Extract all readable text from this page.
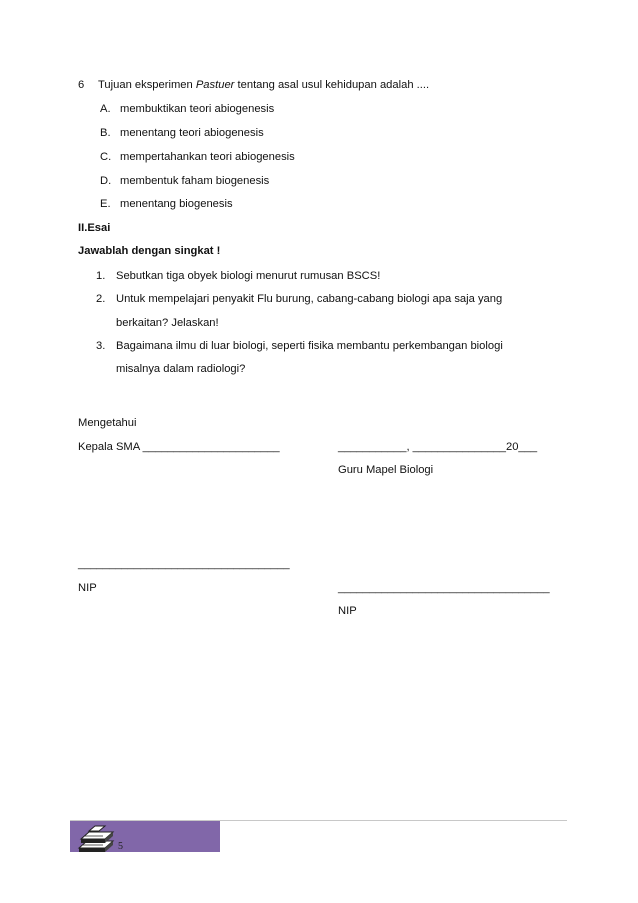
6 Tujuan eksperimen Pastuer tentang asal usul kehidupan adalah ....
A. membuktikan teori abiogenesis
B. menentang teori abiogenesis
C. mempertahankan teori abiogenesis
D. membentuk faham biogenesis
E. menentang biogenesis
II.Esai
Jawablah dengan singkat !
1. Sebutkan tiga obyek biologi menurut rumusan BSCS!
2. Untuk mempelajari penyakit Flu burung, cabang-cabang biologi apa saja yang
berkaitan? Jelaskan!
3. Bagaimana ilmu di luar biologi, seperti fisika membantu perkembangan biologi
misalnya dalam radiologi?
Mengetahui
Kepala SMA ______________________	___________, _______________20___
Guru Mapel Biologi
__________________________________
NIP	__________________________________
NIP
5
